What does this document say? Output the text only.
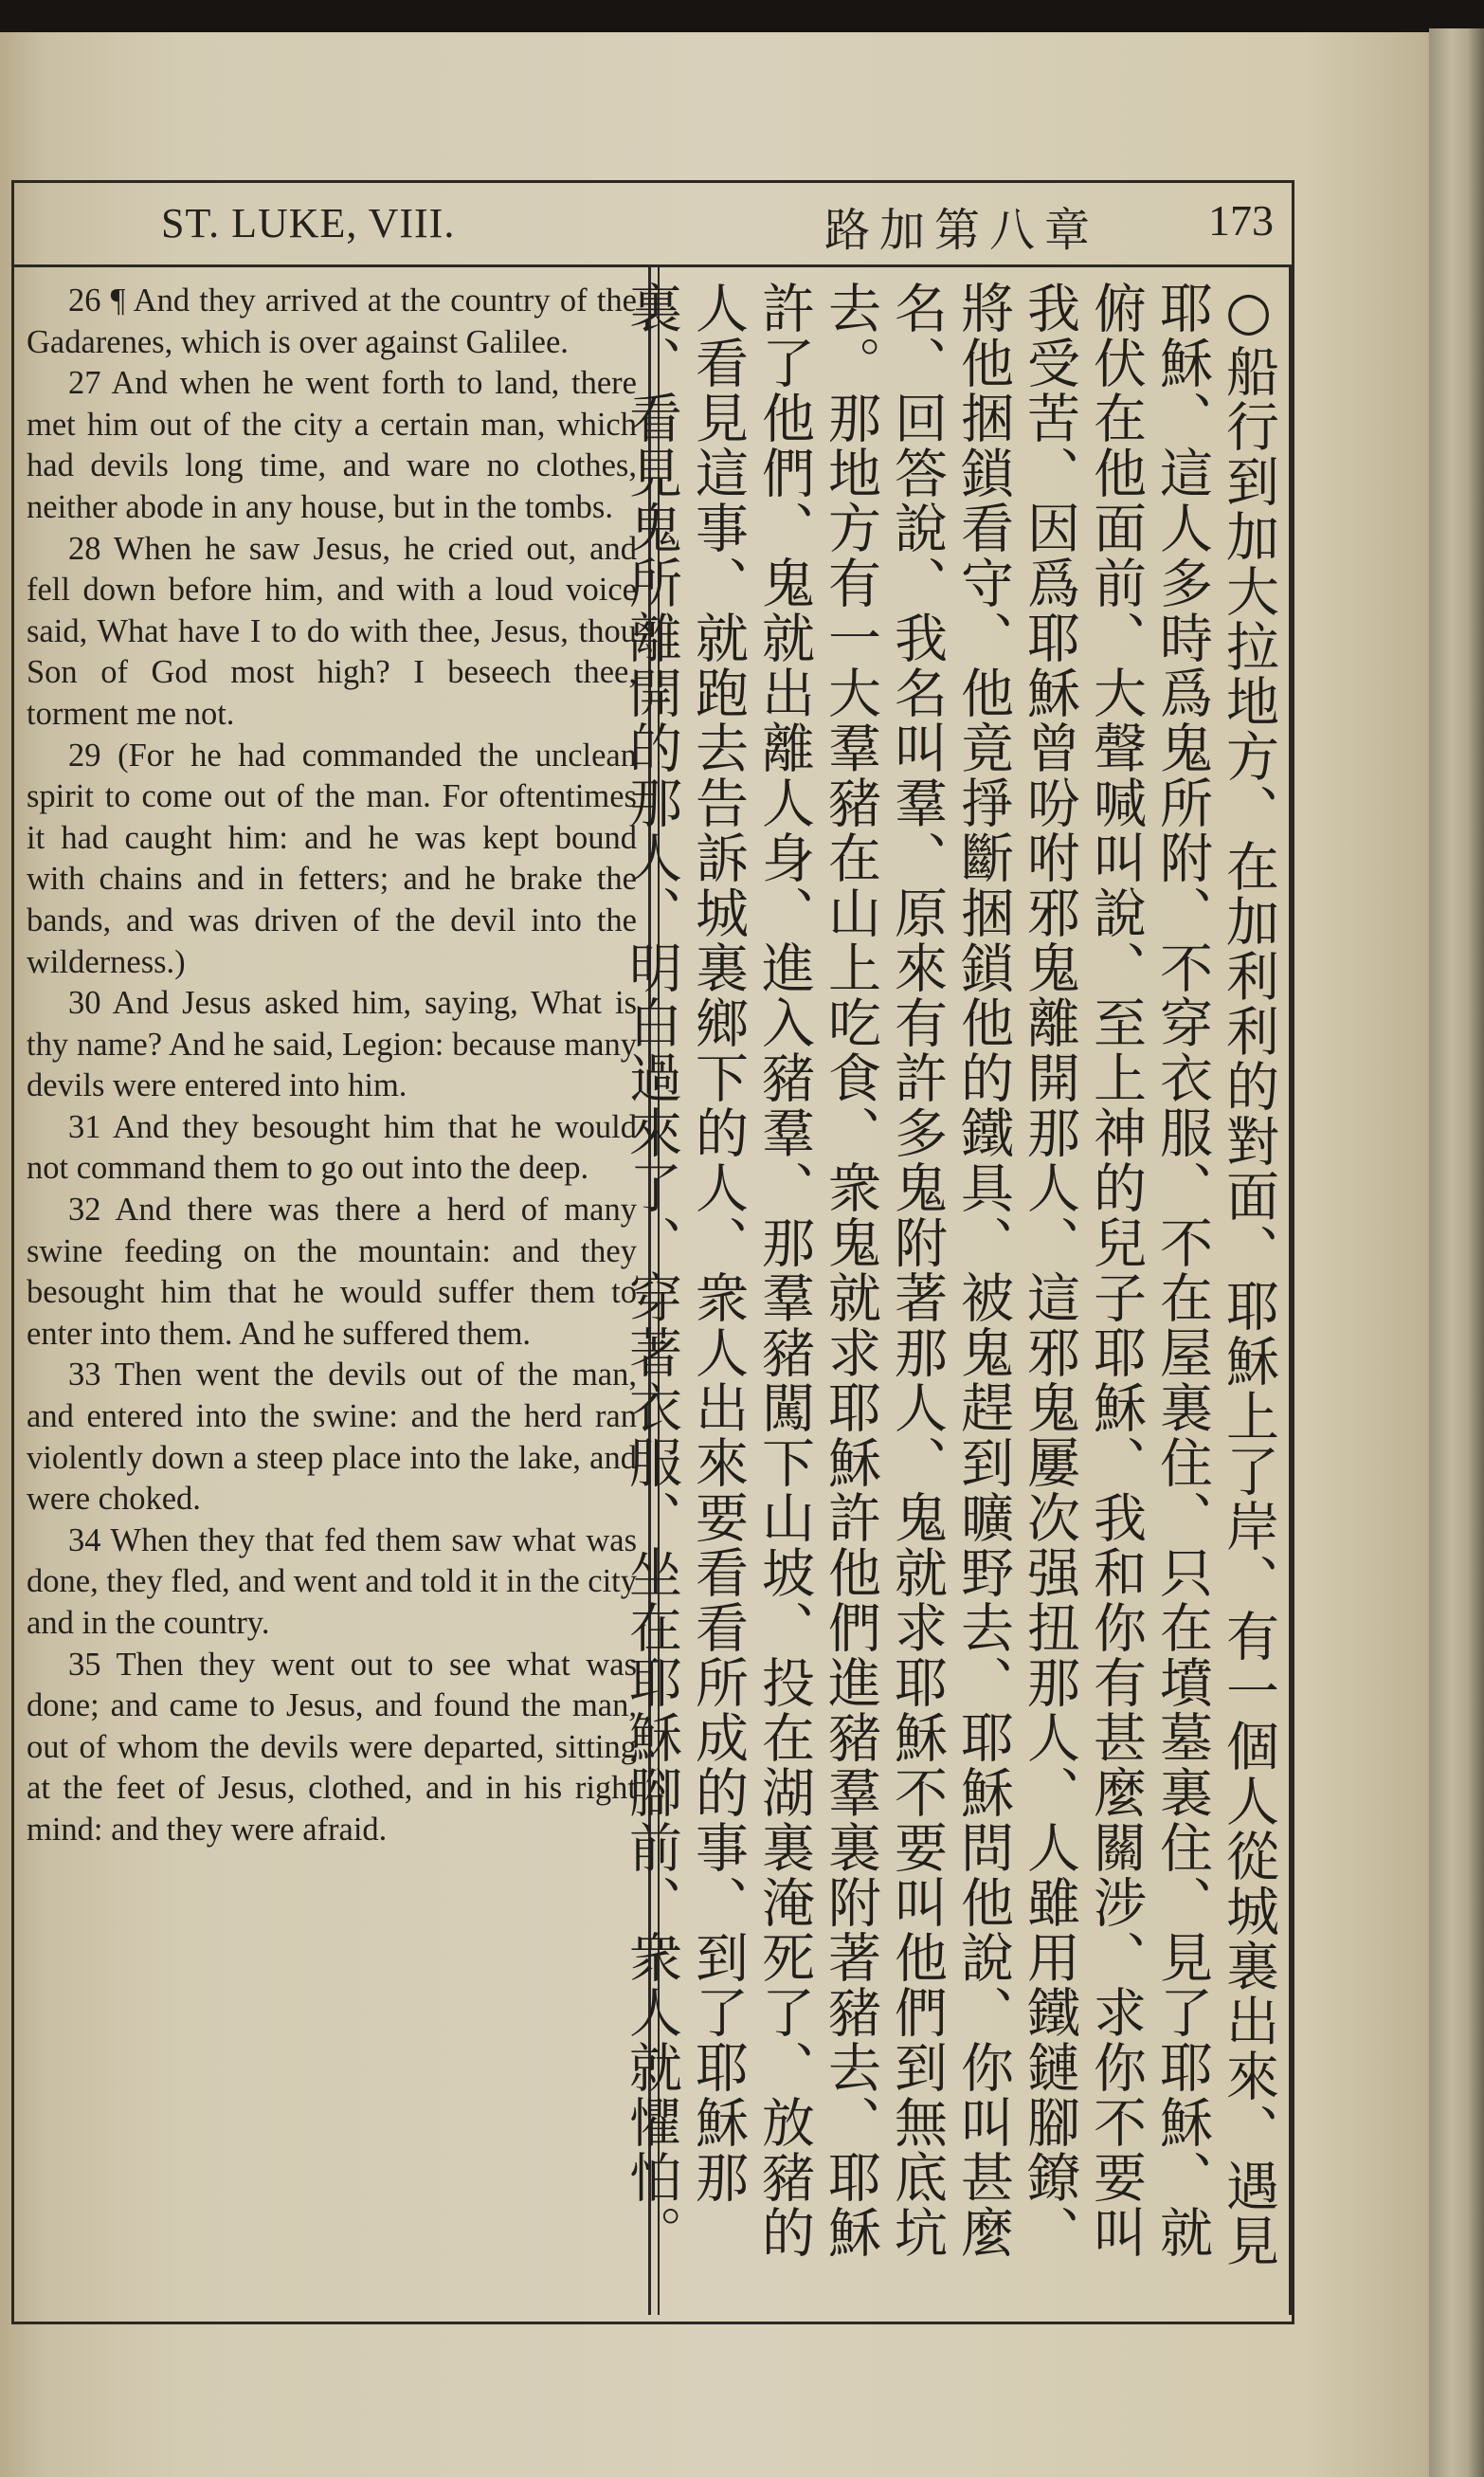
ST. LUKE, VIII.	路加第八章 173

26 ¶ And they arrived at the country of the Gadarenes, which is over against Galilee.

27 And when he went forth to land, there met him out of the city a certain man, which had devils long time, and ware no clothes, neither abode in any house, but in the tombs.

28 When he saw Jesus, he cried out, and fell down before him, and with a loud voice said, What have I to do with thee, Jesus, thou Son of God most high? I beseech thee, torment me not.

29 (For he had commanded the unclean spirit to come out of the man. For oftentimes it had caught him: and he was kept bound with chains and in fetters; and he brake the bands, and was driven of the devil into the wilderness.)

30 And Jesus asked him, saying, What is thy name? And he said, Legion: because many devils were entered into him.

31 And they besought him that he would not command them to go out into the deep.

32 And there was there a herd of many swine feeding on the mountain: and they besought him that he would suffer them to enter into them. And he suffered them.

33 Then went the devils out of the man, and entered into the swine: and the herd ran violently down a steep place into the lake, and were choked.

34 When they that fed them saw what was done, they fled, and went and told it in the city and in the country.

35 Then they went out to see what was done; and came to Jesus, and found the man, out of whom the devils were departed, sitting at the feet of Jesus, clothed, and in his right mind: and they were afraid.	○船行到加大拉地方、在加利利的對面、耶穌上了岸、有一個人從城裏出來、遇見耶穌、這人多時爲鬼所附、不穿衣服、不在屋裏住、只在墳墓裏住、見了耶穌、就俯伏在他面前、大聲喊叫說、至上神的兒子耶穌、我和你有甚麼關涉、求你不要叫我受苦、因爲耶穌曾吩咐邪鬼離開那人、這邪鬼屢次强扭那人、人雖用鐵鏈腳鐐、將他捆鎖看守、他竟掙斷捆鎖他的鐵具、被鬼趕到曠野去、耶穌問他說、你叫甚麼名、回答說、我名叫羣、原來有許多鬼附著那人、鬼就求耶穌不要叫他們到無底坑去。那地方有一大羣豬在山上吃食、衆鬼就求耶穌許他們進豬羣裏附著豬去、耶穌許了他們、鬼就出離人身、進入豬羣、那羣豬闖下山坡、投在湖裏淹死了、放豬的人看見這事、就跑去告訴城裏鄉下的人、衆人出來要看看所成的事、到了耶穌那裏、看見鬼所離開的那人、明白過來了、穿著衣服、坐在耶穌腳前、衆人就懼怕。
